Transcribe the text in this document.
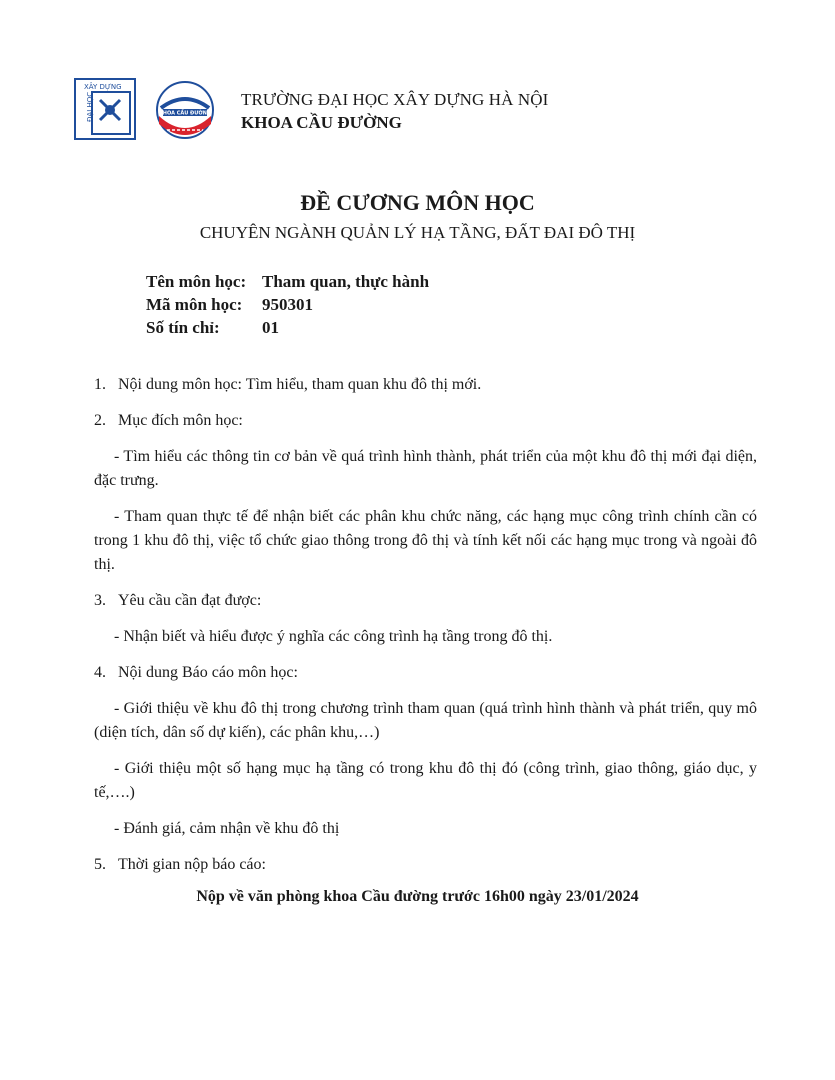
XÂY DỰNG
ĐẠI HỌC	KHOA CẦU ĐƯỜNG
TRƯỜNG ĐẠI HỌC XÂY DỰNG HÀ NỘI
KHOA CẦU ĐƯỜNG
ĐỀ CƯƠNG MÔN HỌC
CHUYÊN NGÀNH QUẢN LÝ HẠ TẦNG, ĐẤT ĐAI ĐÔ THỊ
Tên môn học: Tham quan, thực hành
Mã môn học: 950301
Số tín chỉ: 01
1. Nội dung môn học: Tìm hiểu, tham quan khu đô thị mới.
2. Mục đích môn học:
- Tìm hiểu các thông tin cơ bản về quá trình hình thành, phát triển của một khu đô thị mới đại diện, đặc trưng.
- Tham quan thực tế để nhận biết các phân khu chức năng, các hạng mục công trình chính cần có trong 1 khu đô thị, việc tổ chức giao thông trong đô thị và tính kết nối các hạng mục trong và ngoài đô thị.
3. Yêu cầu cần đạt được:
- Nhận biết và hiểu được ý nghĩa các công trình hạ tầng trong đô thị.
4. Nội dung Báo cáo môn học:
- Giới thiệu về khu đô thị trong chương trình tham quan (quá trình hình thành và phát triển, quy mô (diện tích, dân số dự kiến), các phân khu,…)
- Giới thiệu một số hạng mục hạ tầng có trong khu đô thị đó (công trình, giao thông, giáo dục, y tế,….)
- Đánh giá, cảm nhận về khu đô thị
5. Thời gian nộp báo cáo:
Nộp về văn phòng khoa Cầu đường trước 16h00 ngày 23/01/2024
